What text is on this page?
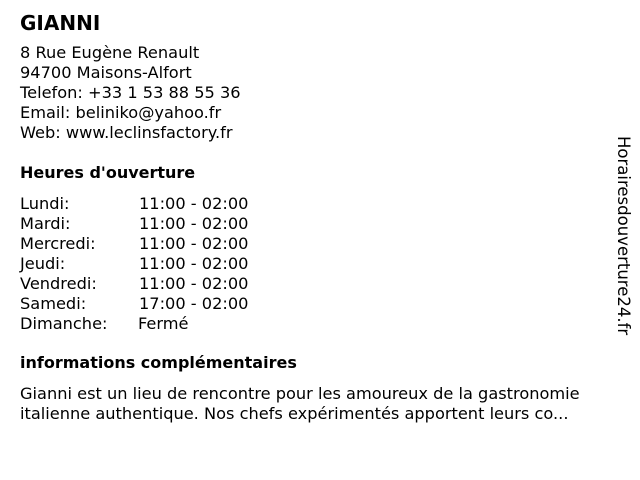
GIANNI
8 Rue Eugène Renault
94700 Maisons-Alfort
Telefon: +33 1 53 88 55 36
Email: beliniko@yahoo.fr
Web: www.leclinsfactory.fr
Heures d'ouverture
Lundi:	11:00 - 02:00
Mardi:	11:00 - 02:00
Mercredi:	11:00 - 02:00
Jeudi:	11:00 - 02:00
Vendredi:	11:00 - 02:00
Samedi:	17:00 - 02:00
Dimanche: Fermé
informations complémentaires
Gianni est un lieu de rencontre pour les amoureux de la gastronomie
italienne authentique. Nos chefs expérimentés apportent leurs co...
Horairesdouverture24.fr
